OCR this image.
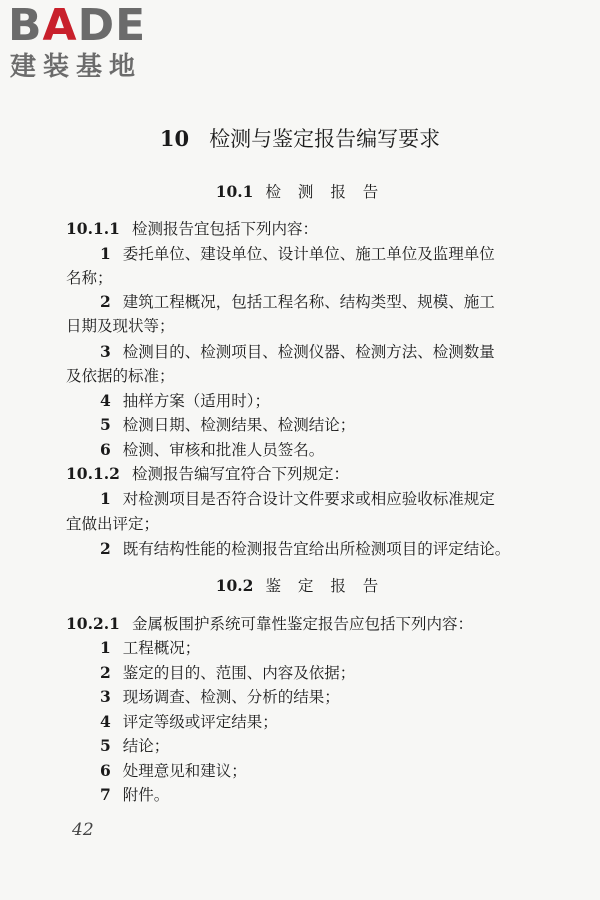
BADE
建装基地
10 检测与鉴定报告编写要求
10.1 检 测 报 告
10.1.1 检测报告宜包括下列内容：
1 委托单位、建设单位、设计单位、施工单位及监理单位
名称；
2 建筑工程概况，包括工程名称、结构类型、规模、施工
日期及现状等；
3 检测目的、检测项目、检测仪器、检测方法、检测数量
及依据的标准；
4 抽样方案（适用时）；
5 检测日期、检测结果、检测结论；
6 检测、审核和批准人员签名。
10.1.2 检测报告编写宜符合下列规定：
1 对检测项目是否符合设计文件要求或相应验收标准规定
宜做出评定；
2 既有结构性能的检测报告宜给出所检测项目的评定结论。
10.2 鉴 定 报 告
10.2.1 金属板围护系统可靠性鉴定报告应包括下列内容：
1 工程概况；
2 鉴定的目的、范围、内容及依据；
3 现场调查、检测、分析的结果；
4 评定等级或评定结果；
5 结论；
6 处理意见和建议；
7 附件。
42
